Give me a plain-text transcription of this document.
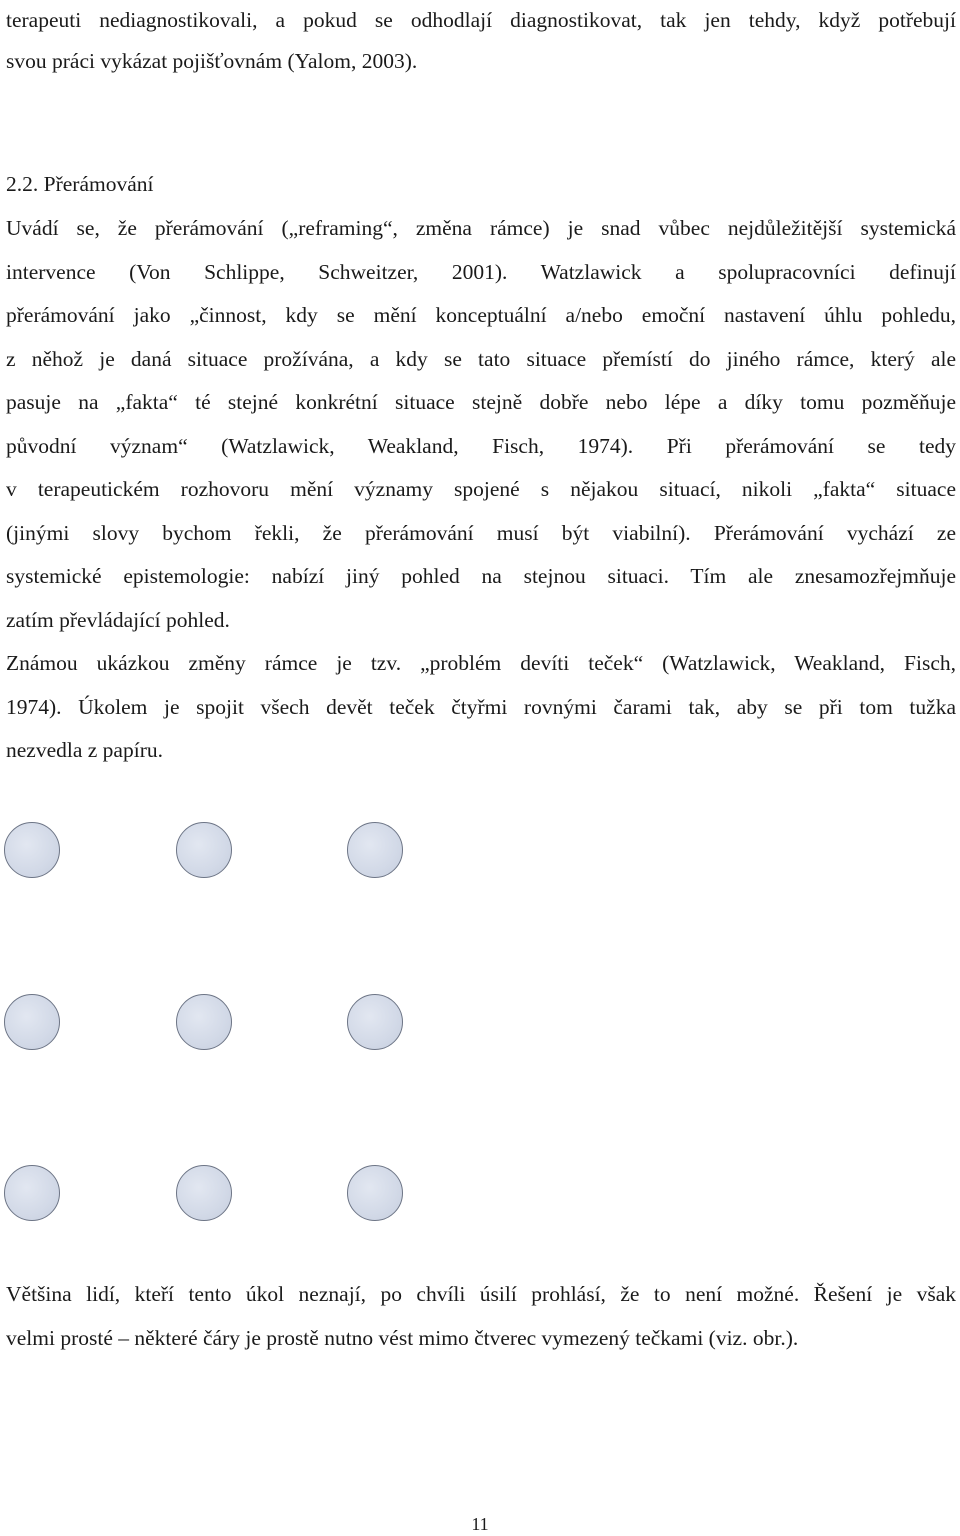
terapeuti nediagnostikovali, a pokud se odhodlají diagnostikovat, tak jen tehdy, když potřebují
svou práci vykázat pojišťovnám (Yalom, 2003).
2.2. Přerámování
Uvádí se, že přerámování („reframing“, změna rámce) je snad vůbec nejdůležitější systemická
intervence (Von Schlippe, Schweitzer, 2001). Watzlawick a spolupracovníci definují
přerámování jako „činnost, kdy se mění konceptuální a/nebo emoční nastavení úhlu pohledu,
z něhož je daná situace prožívána, a kdy se tato situace přemístí do jiného rámce, který ale
pasuje na „fakta“ té stejné konkrétní situace stejně dobře nebo lépe a díky tomu pozměňuje
původní význam“ (Watzlawick, Weakland, Fisch, 1974). Při přerámování se tedy
v terapeutickém rozhovoru mění významy spojené s nějakou situací, nikoli „fakta“ situace
(jinými slovy bychom řekli, že přerámování musí být viabilní). Přerámování vychází ze
systemické epistemologie: nabízí jiný pohled na stejnou situaci. Tím ale znesamozřejmňuje
zatím převládající pohled.
Známou ukázkou změny rámce je tzv. „problém devíti teček“ (Watzlawick, Weakland, Fisch,
1974). Úkolem je spojit všech devět teček čtyřmi rovnými čarami tak, aby se při tom tužka
nezvedla z papíru.
Většina lidí, kteří tento úkol neznají, po chvíli úsilí prohlásí, že to není možné. Řešení je však
velmi prosté – některé čáry je prostě nutno vést mimo čtverec vymezený tečkami (viz. obr.).
11
